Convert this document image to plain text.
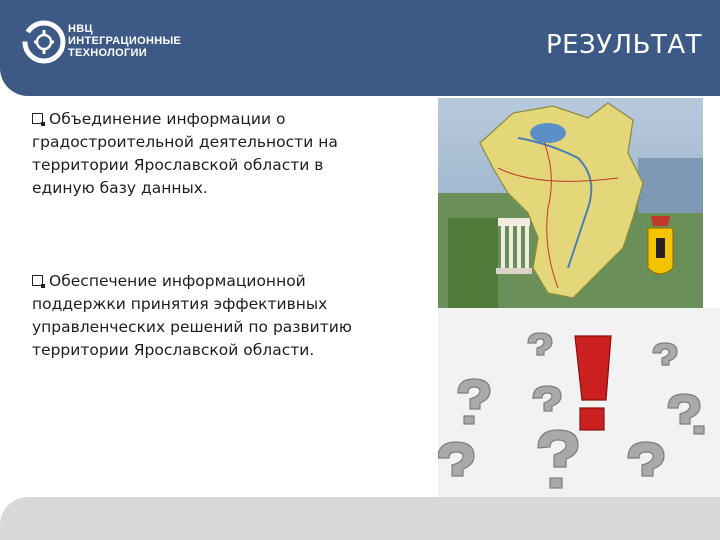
НВЦ
ИНТЕГРАЦИОННЫЕ
ТЕХНОЛОГИИ	РЕЗУЛЬТАТ

Объединение информации о градостроительной деятельности на территории Ярославской области в единую базу данных.

Обеспечение информационной поддержки принятия эффективных управленческих решений по развитию территории Ярославской области.
